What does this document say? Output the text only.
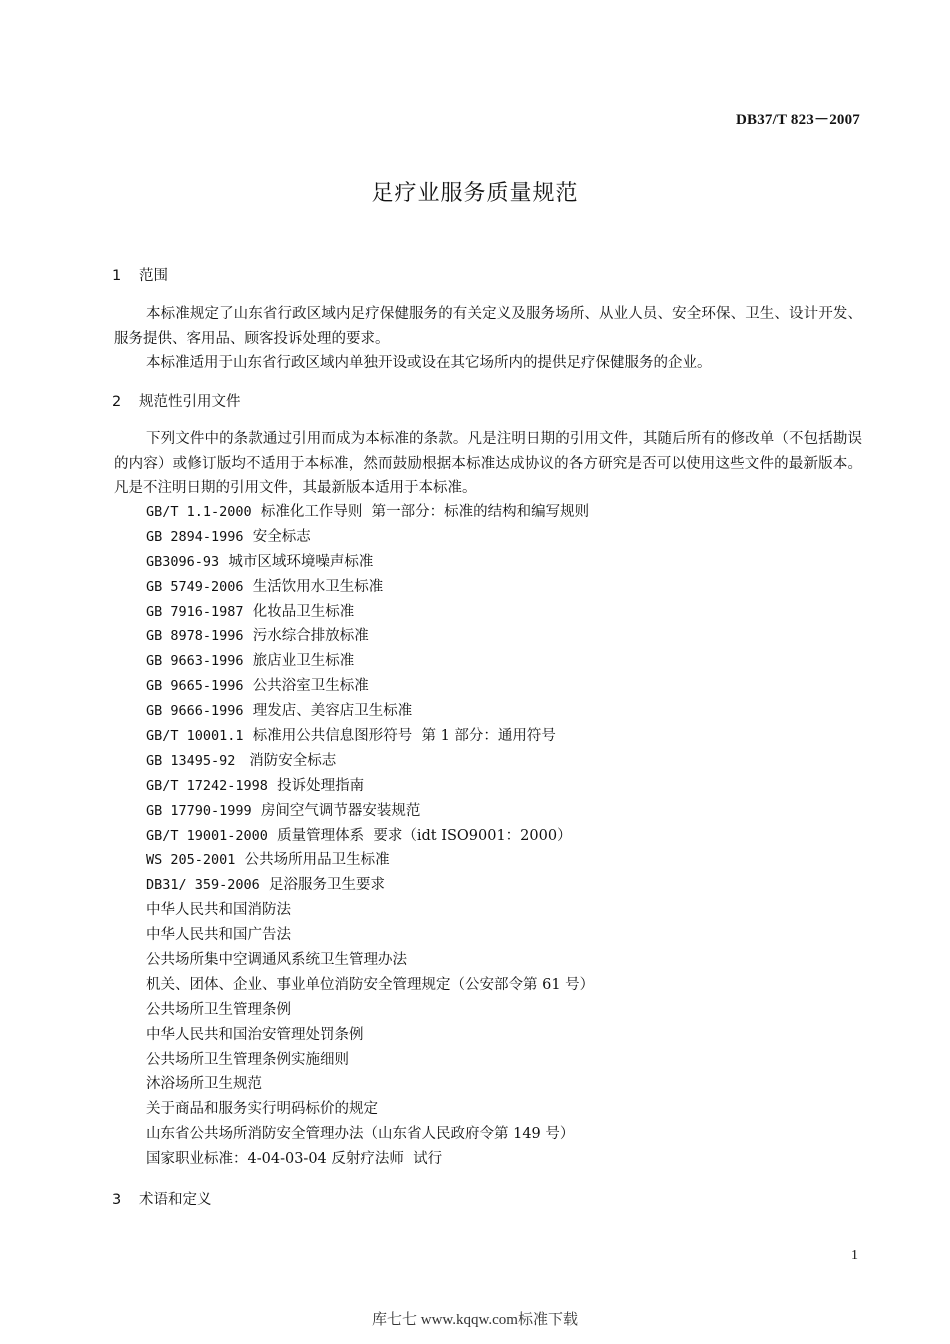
DB37/T 823－2007
足疗业服务质量规范
1 范围
本标准规定了山东省行政区域内足疗保健服务的有关定义及服务场所、从业人员、安全环保、卫生、设计开发、服务提供、客用品、顾客投诉处理的要求。
本标准适用于山东省行政区域内单独开设或设在其它场所内的提供足疗保健服务的企业。
2 规范性引用文件
下列文件中的条款通过引用而成为本标准的条款。凡是注明日期的引用文件，其随后所有的修改单（不包括勘误的内容）或修订版均不适用于本标准，然而鼓励根据本标准达成协议的各方研究是否可以使用这些文件的最新版本。凡是不注明日期的引用文件，其最新版本适用于本标准。
GB/T 1.1-2000  标准化工作导则  第一部分：标准的结构和编写规则
GB 2894-1996  安全标志
GB3096-93  城市区域环境噪声标准
GB 5749-2006  生活饮用水卫生标准
GB 7916-1987  化妆品卫生标准
GB 8978-1996  污水综合排放标准
GB 9663-1996  旅店业卫生标准
GB 9665-1996  公共浴室卫生标准
GB 9666-1996  理发店、美容店卫生标准
GB/T 10001.1  标准用公共信息图形符号  第 1 部分：通用符号
GB 13495-92   消防安全标志
GB/T 17242-1998  投诉处理指南
GB 17790-1999  房间空气调节器安装规范
GB/T 19001-2000  质量管理体系  要求（idt ISO9001：2000）
WS 205-2001  公共场所用品卫生标准
DB31/ 359-2006  足浴服务卫生要求
中华人民共和国消防法
中华人民共和国广告法
公共场所集中空调通风系统卫生管理办法
机关、团体、企业、事业单位消防安全管理规定（公安部令第 61 号）
公共场所卫生管理条例
中华人民共和国治安管理处罚条例
公共场所卫生管理条例实施细则
沐浴场所卫生规范
关于商品和服务实行明码标价的规定
山东省公共场所消防安全管理办法（山东省人民政府令第 149 号）
国家职业标准：4-04-03-04 反射疗法师  试行
3 术语和定义
1
库七七 www.kqqw.com标准下载
